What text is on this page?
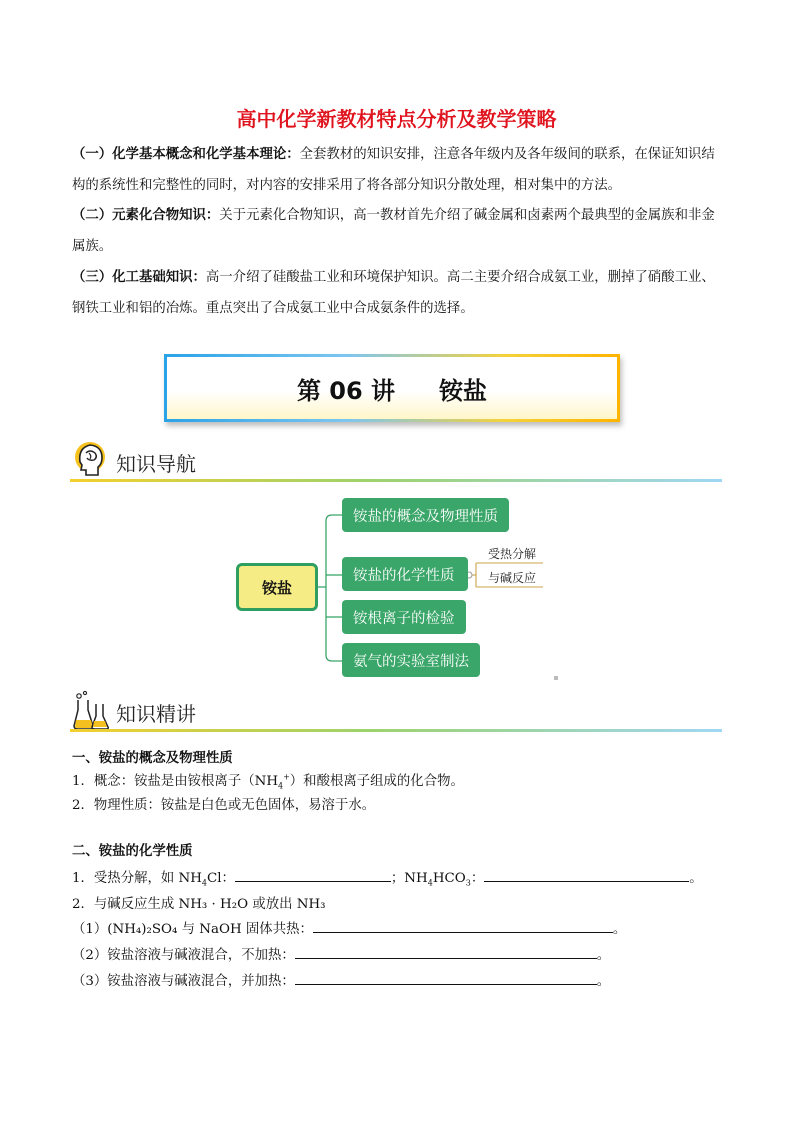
高中化学新教材特点分析及教学策略
（一）化学基本概念和化学基本理论：全套教材的知识安排，注意各年级内及各年级间的联系，在保证知识结构的系统性和完整性的同时，对内容的安排采用了将各部分知识分散处理，相对集中的方法。
（二）元素化合物知识：关于元素化合物知识，高一教材首先介绍了碱金属和卤素两个最典型的金属族和非金属族。
（三）化工基础知识：高一介绍了硅酸盐工业和环境保护知识。高二主要介绍合成氨工业，删掉了硝酸工业、钢铁工业和铝的冶炼。重点突出了合成氨工业中合成氨条件的选择。
第 06 讲 铵盐
知识导航
铵盐
铵盐的概念及物理性质
铵盐的化学性质
铵根离子的检验
氨气的实验室制法
受热分解
与碱反应
知识精讲
一、铵盐的概念及物理性质
1．概念：铵盐是由铵根离子$(NH_4^+)$和酸根离子组成的化合物。
2．物理性质：铵盐是白色或无色固体，易溶于水。
二、铵盐的化学性质
1．受热分解，如 $NH_4Cl$：	；$NH_4HCO_3$：	。
2．与碱反应生成 NH₃ · H₂O 或放出 NH₃
（1）(NH₄)₂SO₄ 与 NaOH 固体共热：	。
（2）铵盐溶液与碱液混合，不加热：	。
（3）铵盐溶液与碱液混合，并加热：	。
